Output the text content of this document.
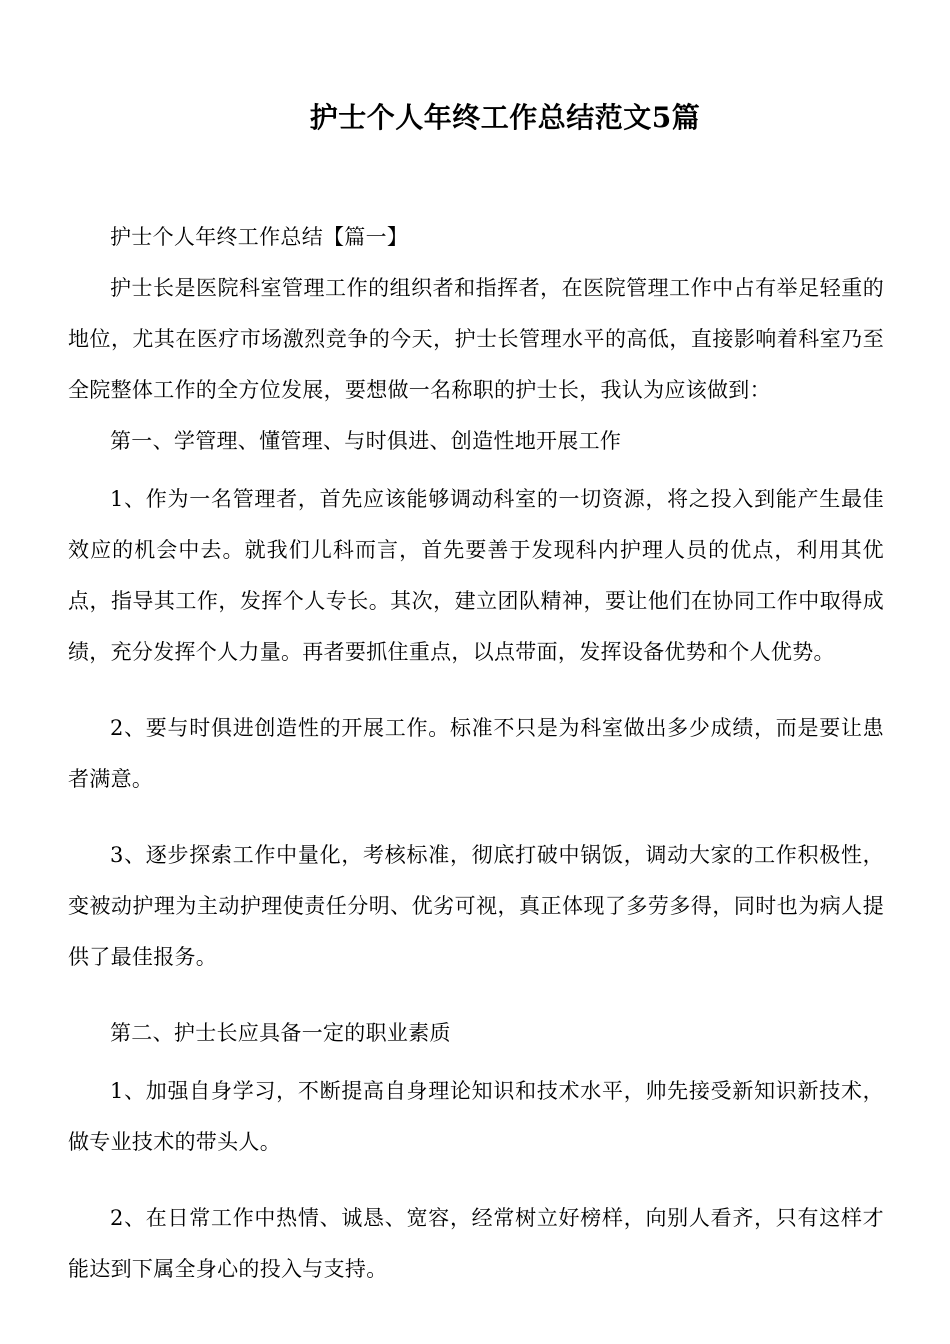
护士个人年终工作总结范文5篇

护士个人年终工作总结【篇一】

护士长是医院科室管理工作的组织者和指挥者，在医院管理工作中占有举足轻重的地位，尤其在医疗市场激烈竞争的今天，护士长管理水平的高低，直接影响着科室乃至全院整体工作的全方位发展，要想做一名称职的护士长，我认为应该做到：

第一、学管理、懂管理、与时俱进、创造性地开展工作

1、作为一名管理者，首先应该能够调动科室的一切资源，将之投入到能产生最佳效应的机会中去。就我们儿科而言，首先要善于发现科内护理人员的优点，利用其优点，指导其工作，发挥个人专长。其次，建立团队精神，要让他们在协同工作中取得成绩，充分发挥个人力量。再者要抓住重点，以点带面，发挥设备优势和个人优势。

2、要与时俱进创造性的开展工作。标准不只是为科室做出多少成绩，而是要让患者满意。

3、逐步探索工作中量化，考核标准，彻底打破中锅饭，调动大家的工作积极性，变被动护理为主动护理使责任分明、优劣可视，真正体现了多劳多得，同时也为病人提供了最佳报务。

第二、护士长应具备一定的职业素质

1、加强自身学习，不断提高自身理论知识和技术水平，帅先接受新知识新技术，做专业技术的带头人。

2、在日常工作中热情、诚恳、宽容，经常树立好榜样，向别人看齐，只有这样才能达到下属全身心的投入与支持。
